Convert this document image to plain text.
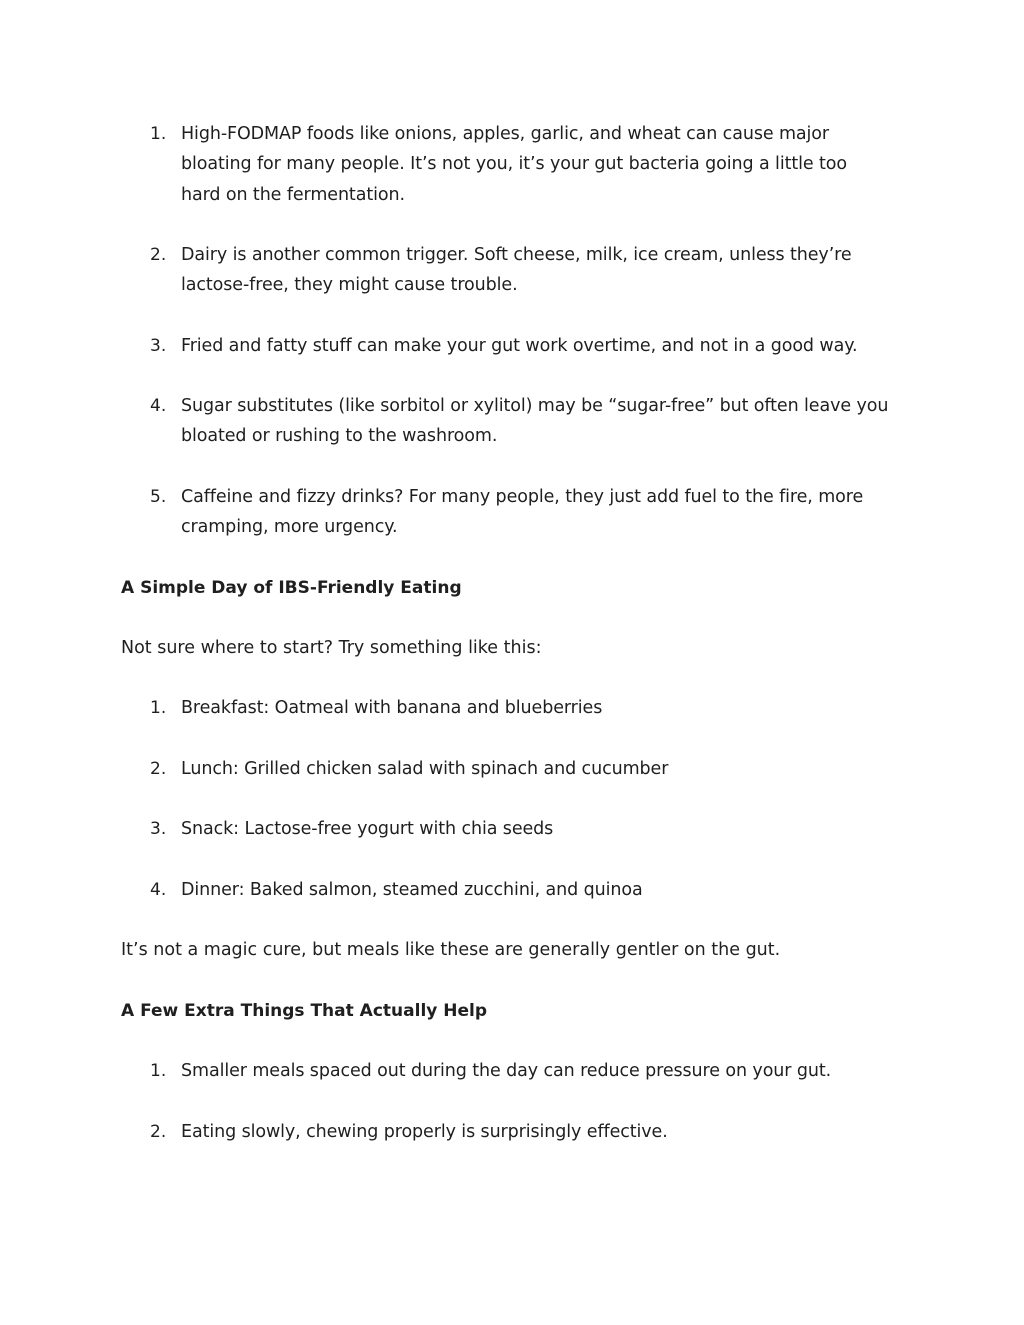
1. High-FODMAP foods like onions, apples, garlic, and wheat can cause major bloating for many people. It’s not you, it’s your gut bacteria going a little too hard on the fermentation.
2. Dairy is another common trigger. Soft cheese, milk, ice cream, unless they’re lactose-free, they might cause trouble.
3. Fried and fatty stuff can make your gut work overtime, and not in a good way.
4. Sugar substitutes (like sorbitol or xylitol) may be “sugar-free” but often leave you bloated or rushing to the washroom.
5. Caffeine and fizzy drinks? For many people, they just add fuel to the fire, more cramping, more urgency.
A Simple Day of IBS-Friendly Eating
Not sure where to start? Try something like this:
1. Breakfast: Oatmeal with banana and blueberries
2. Lunch: Grilled chicken salad with spinach and cucumber
3. Snack: Lactose-free yogurt with chia seeds
4. Dinner: Baked salmon, steamed zucchini, and quinoa
It’s not a magic cure, but meals like these are generally gentler on the gut.
A Few Extra Things That Actually Help
1. Smaller meals spaced out during the day can reduce pressure on your gut.
2. Eating slowly, chewing properly is surprisingly effective.
